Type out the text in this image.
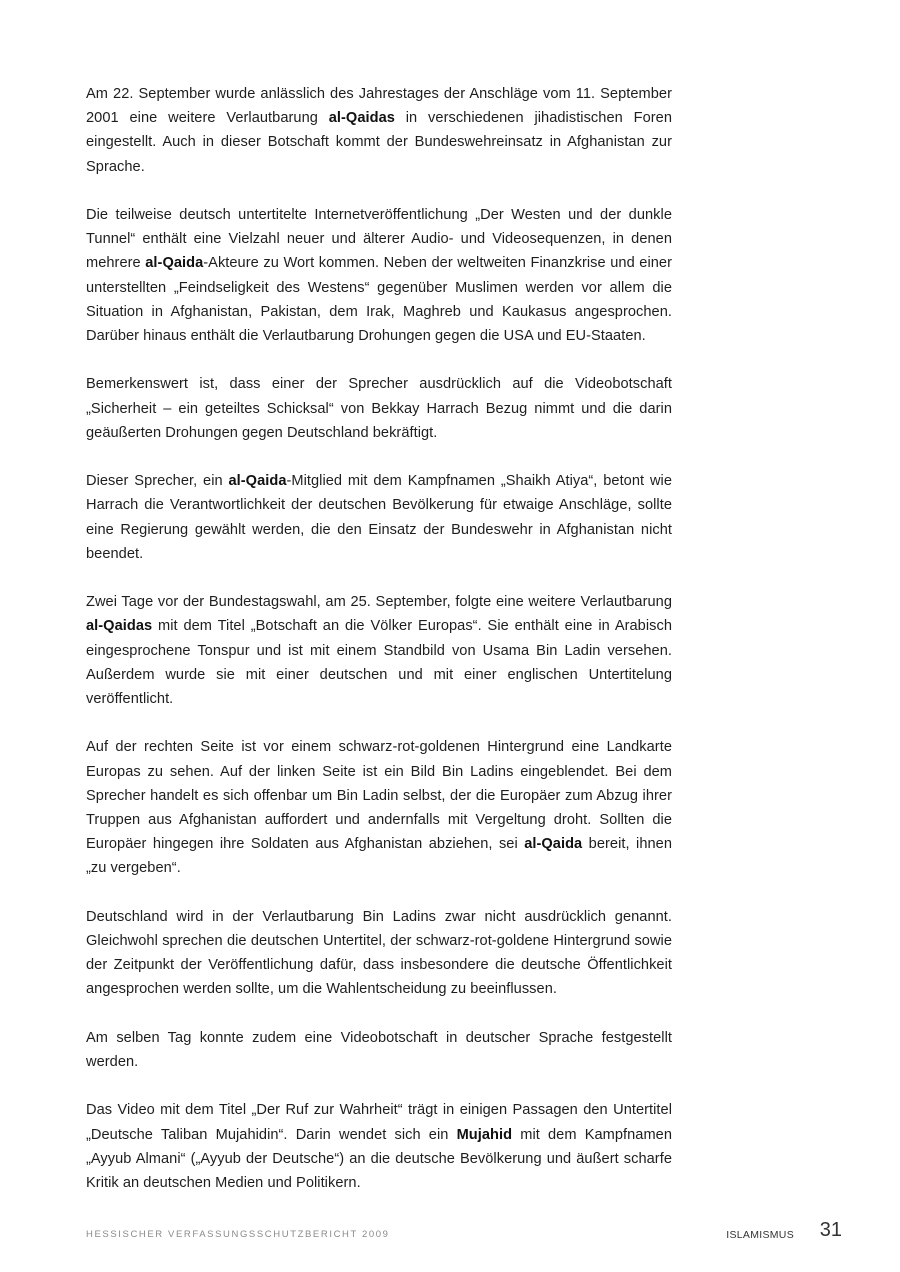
Am 22. September wurde anlässlich des Jahrestages der Anschläge vom 11. September 2001 eine weitere Verlautbarung al-Qaidas in verschiedenen jihadistischen Foren eingestellt. Auch in dieser Botschaft kommt der Bundeswehreinsatz in Afghanistan zur Sprache.

Die teilweise deutsch untertitelte Internetveröffentlichung „Der Westen und der dunkle Tunnel“ enthält eine Vielzahl neuer und älterer Audio- und Videosequenzen, in denen mehrere al-Qaida-Akteure zu Wort kommen. Neben der weltweiten Finanzkrise und einer unterstellten „Feindseligkeit des Westens“ gegenüber Muslimen werden vor allem die Situation in Afghanistan, Pakistan, dem Irak, Maghreb und Kaukasus angesprochen. Darüber hinaus enthält die Verlautbarung Drohungen gegen die USA und EU-Staaten.

Bemerkenswert ist, dass einer der Sprecher ausdrücklich auf die Videobotschaft „Sicherheit – ein geteiltes Schicksal“ von Bekkay Harrach Bezug nimmt und die darin geäußerten Drohungen gegen Deutschland bekräftigt.

Dieser Sprecher, ein al-Qaida-Mitglied mit dem Kampfnamen „Shaikh Atiya“, betont wie Harrach die Verantwortlichkeit der deutschen Bevölkerung für etwaige Anschläge, sollte eine Regierung gewählt werden, die den Einsatz der Bundeswehr in Afghanistan nicht beendet.

Zwei Tage vor der Bundestagswahl, am 25. September, folgte eine weitere Verlautbarung al-Qaidas mit dem Titel „Botschaft an die Völker Europas“. Sie enthält eine in Arabisch eingesprochene Tonspur und ist mit einem Standbild von Usama Bin Ladin versehen. Außerdem wurde sie mit einer deutschen und mit einer englischen Untertitelung veröffentlicht.

Auf der rechten Seite ist vor einem schwarz-rot-goldenen Hintergrund eine Landkarte Europas zu sehen. Auf der linken Seite ist ein Bild Bin Ladins eingeblendet. Bei dem Sprecher handelt es sich offenbar um Bin Ladin selbst, der die Europäer zum Abzug ihrer Truppen aus Afghanistan auffordert und andernfalls mit Vergeltung droht. Sollten die Europäer hingegen ihre Soldaten aus Afghanistan abziehen, sei al-Qaida bereit, ihnen „zu vergeben“.

Deutschland wird in der Verlautbarung Bin Ladins zwar nicht ausdrücklich genannt. Gleichwohl sprechen die deutschen Untertitel, der schwarz-rot-goldene Hintergrund sowie der Zeitpunkt der Veröffentlichung dafür, dass insbesondere die deutsche Öffentlichkeit angesprochen werden sollte, um die Wahlentscheidung zu beeinflussen.

Am selben Tag konnte zudem eine Videobotschaft in deutscher Sprache festgestellt werden.

Das Video mit dem Titel „Der Ruf zur Wahrheit“ trägt in einigen Passagen den Untertitel „Deutsche Taliban Mujahidin“. Darin wendet sich ein Mujahid mit dem Kampfnamen „Ayyub Almani“ („Ayyub der Deutsche“) an die deutsche Bevölkerung und äußert scharfe Kritik an deutschen Medien und Politikern.

HESSISCHER VERFASSUNGSSCHUTZBERICHT 2009	ISLAMISMUS 31
